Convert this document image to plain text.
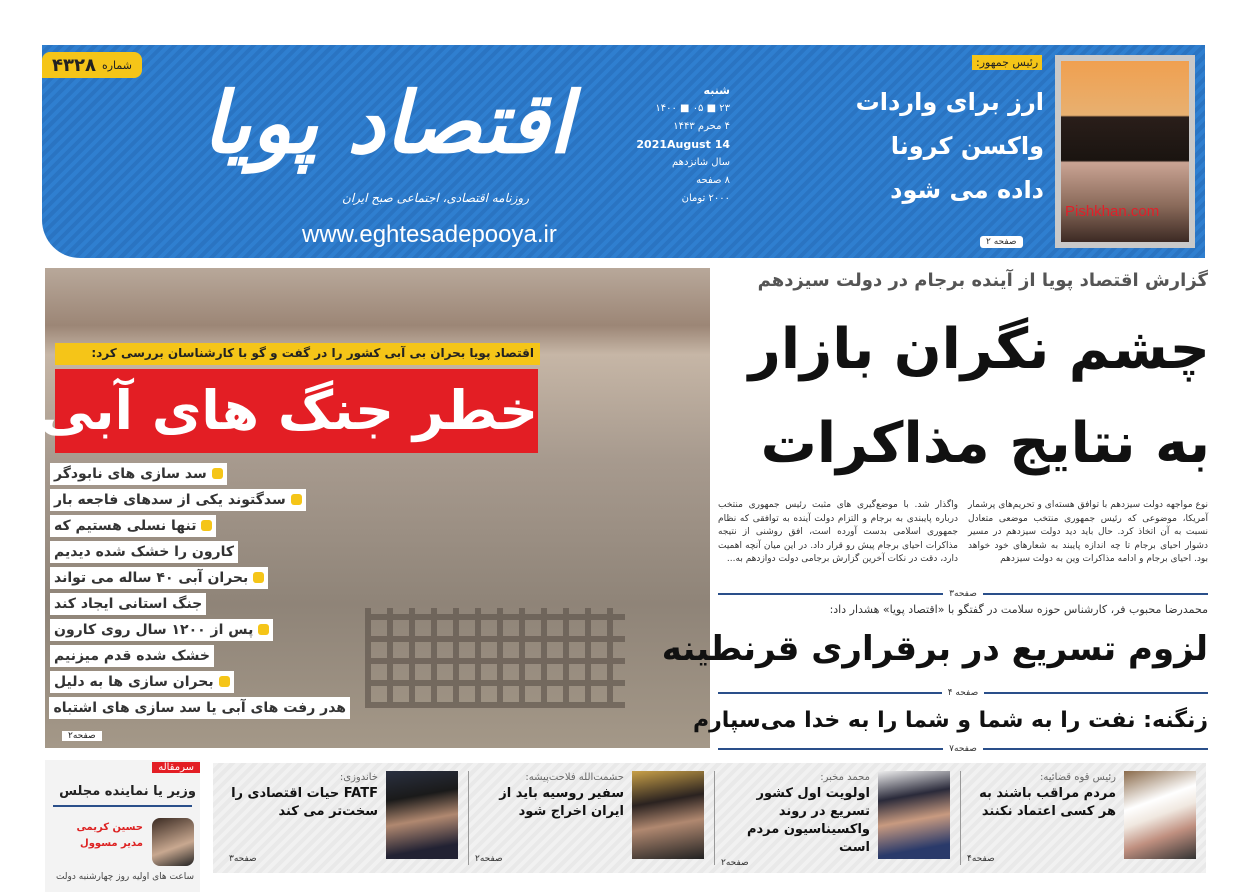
شماره
۴۳۲۸
اقتصاد پویا
روزنامه اقتصادی، اجتماعی صبح ایران
www.eghtesadepooya.ir
شنبه
۲۳ ■ ۰۵ ■ ۱۴۰۰
۴ محرم ۱۴۴۳
2021August 14
سال شانزدهم
۸ صفحه
۲۰۰۰ تومان
رئیس جمهور:
ارز برای واردات
واکسن کرونا
داده می شود
صفحه ۲
Pishkhan.com
اقتصاد پویا بحران بی آبی کشور را در گفت و گو با کارشناسان بررسی کرد:
خطر جنگ های آبی
سد سازی های نابودگر
سدگتوند یکی از سدهای فاجعه بار
تنها نسلی هستیم که
کارون را خشک شده دیدیم
بحران آبی ۴۰ ساله می تواند
جنگ استانی ایجاد کند
پس از ۱۲۰۰ سال روی کارون
خشک شده قدم میزنیم
بحران سازی ها به دلیل
هدر رفت های آبی یا سد سازی های اشتباه
صفحه۲
گزارش اقتصاد پویا از آینده برجام در دولت سیزدهم
چشم نگران بازار
به نتایج مذاکرات
نوع مواجهه دولت سیزدهم با توافق هسته‌ای و تحریم‌های پرشمار آمریکا، موضوعی که رئیس جمهوری منتخب موضعی متعادل نسبت به آن اتخاذ کرد. حال باید دید دولت سیزدهم در مسیر دشوار احیای برجام تا چه اندازه پایبند به شعارهای خود خواهد بود. احیای برجام و ادامه مذاکرات وین به دولت سیزدهم
واگذار شد. با موضع‌گیری های مثبت رئیس جمهوری منتخب درباره پایبندی به برجام و التزام دولت آینده به توافقی که نظام جمهوری اسلامی بدست آورده است، افق روشنی از نتیجه مذاکرات احیای برجام پیش رو قرار داد. در این میان آنچه اهمیت دارد، دقت در نکات آخرین گزارش برجامی دولت دوازدهم به...
صفحه۳
محمدرضا محبوب فر، کارشناس حوزه سلامت در گفتگو با «اقتصاد پویا» هشدار داد:
لزوم تسریع در برقراری قرنطینه
صفحه ۴
زنگنه: نفت را به شما و شما را به خدا می‌سپارم
صفحه۷
سرمقاله
وزیر یا نماینده مجلس
حسین کریمی
مدیر مسوول
ساعت های اولیه روز چهارشنبه دولت
رئیس قوه قضائیه:
مردم مراقب باشند به هر کسی اعتماد نکنند
صفحه۴
محمد مخبر:
اولویت اول کشور تسریع در روند واکسیناسیون مردم است
صفحه۲
حشمت‌الله فلاحت‌پیشه:
سفیر روسیه باید از ایران اخراج شود
صفحه۲
خاندوزی:
FATF حیات اقتصادی را سخت‌تر می کند
صفحه۳
